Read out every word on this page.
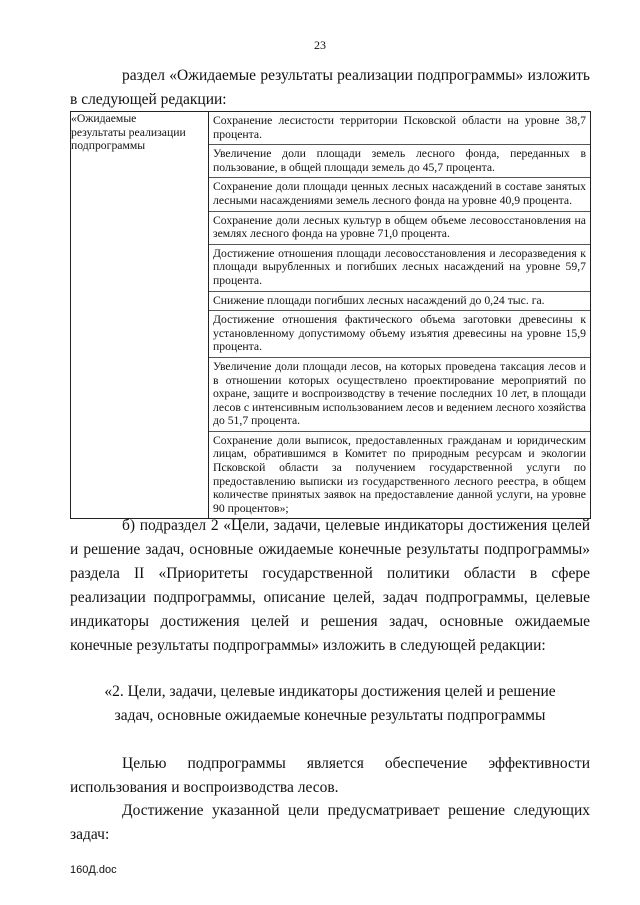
23
раздел «Ожидаемые результаты реализации подпрограммы» изложить в следующей редакции:
«Ожидаемые
результаты реализации
подпрограммы

Сохранение лесистости территории Псковской области на уровне 38,7 процента.
Увеличение доли площади земель лесного фонда, переданных в пользование, в общей площади земель до 45,7 процента.
Сохранение доли площади ценных лесных насаждений в составе занятых лесными насаждениями земель лесного фонда на уровне 40,9 процента.
Сохранение доли лесных культур в общем объеме лесовосстановления на землях лесного фонда на уровне 71,0 процента.
Достижение отношения площади лесовосстановления и лесоразведения к площади вырубленных и погибших лесных насаждений на уровне 59,7 процента.
Снижение площади погибших лесных насаждений до 0,24 тыс. га.
Достижение отношения фактического объема заготовки древесины к установленному допустимому объему изъятия древесины на уровне 15,9 процента.
Увеличение доли площади лесов, на которых проведена таксация лесов и в отношении которых осуществлено проектирование мероприятий по охране, защите и воспроизводству в течение последних 10 лет, в площади лесов с интенсивным использованием лесов и ведением лесного хозяйства до 51,7 процента.
Сохранение доли выписок, предоставленных гражданам и юридическим лицам, обратившимся в Комитет по природным ресурсам и экологии Псковской области за получением государственной услуги по предоставлению выписки из государственного лесного реестра, в общем количестве принятых заявок на предоставление данной услуги, на уровне 90 процентов»;
б) подраздел 2 «Цели, задачи, целевые индикаторы достижения целей и решение задач, основные ожидаемые конечные результаты подпрограммы» раздела II «Приоритеты государственной политики области в сфере реализации подпрограммы, описание целей, задач подпрограммы, целевые индикаторы достижения целей и решения задач, основные ожидаемые конечные результаты подпрограммы» изложить в следующей редакции:
«2. Цели, задачи, целевые индикаторы достижения целей и решение
задач, основные ожидаемые конечные результаты подпрограммы
Целью подпрограммы является обеспечение эффективности использования и воспроизводства лесов.
Достижение указанной цели предусматривает решение следующих задач:
160Д.doc
